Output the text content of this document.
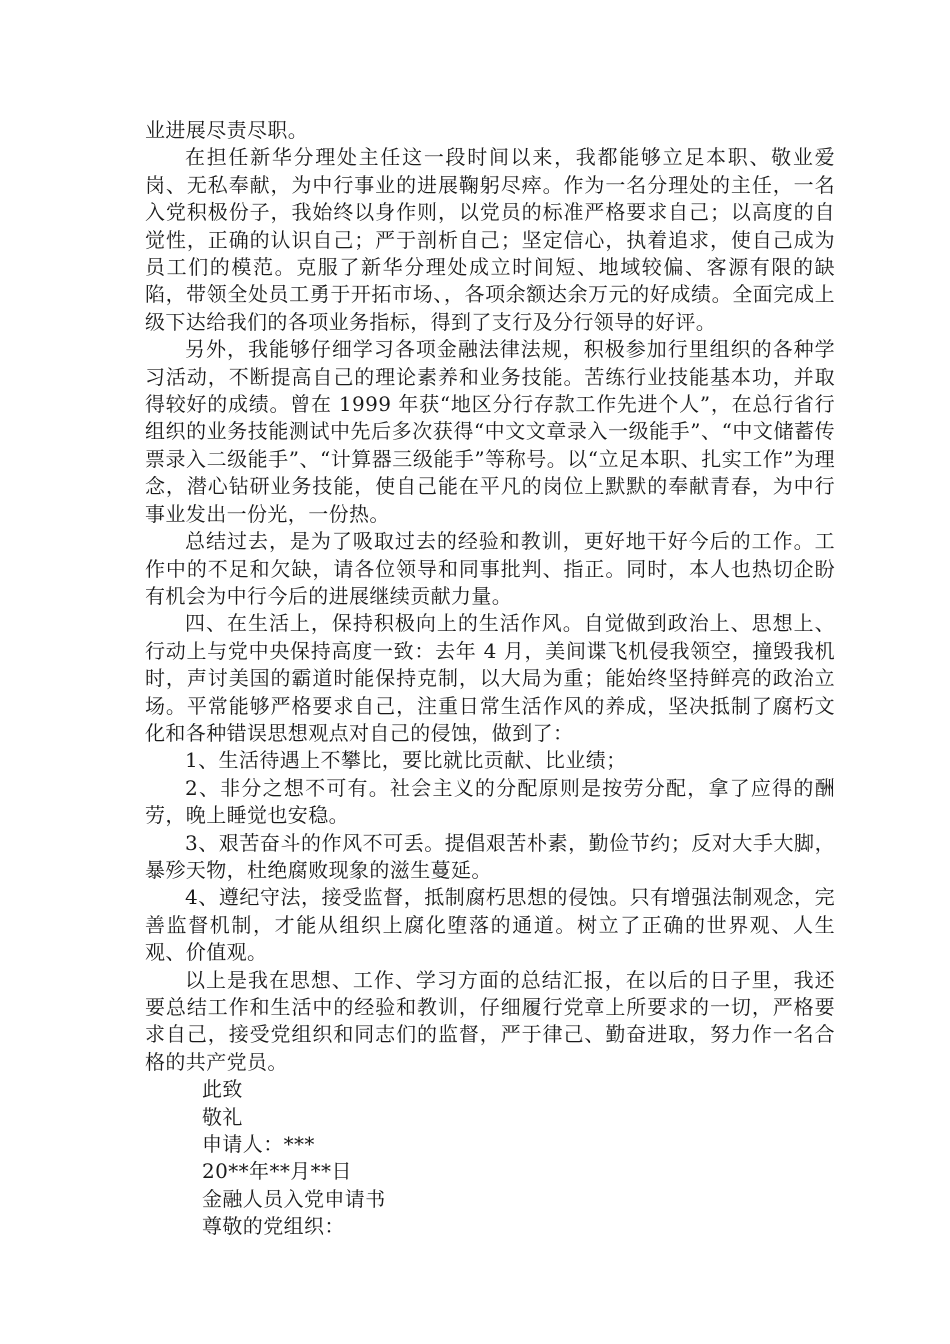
业进展尽责尽职。

在担任新华分理处主任这一段时间以来，我都能够立足本职、敬业爱岗、无私奉献，为中行事业的进展鞠躬尽瘁。作为一名分理处的主任，一名入党积极份子，我始终以身作则，以党员的标准严格要求自己；以高度的自觉性，正确的认识自己；严于剖析自己；坚定信心，执着追求，使自己成为员工们的模范。克服了新华分理处成立时间短、地域较偏、客源有限的缺陷，带领全处员工勇于开拓市场、，各项余额达余万元的好成绩。全面完成上级下达给我们的各项业务指标，得到了支行及分行领导的好评。

另外，我能够仔细学习各项金融法律法规，积极参加行里组织的各种学习活动，不断提高自己的理论素养和业务技能。苦练行业技能基本功，并取得较好的成绩。曾在 1999 年获“地区分行存款工作先进个人”，在总行省行组织的业务技能测试中先后多次获得“中文文章录入一级能手”、“中文储蓄传票录入二级能手”、“计算器三级能手”等称号。以“立足本职、扎实工作”为理念，潜心钻研业务技能，使自己能在平凡的岗位上默默的奉献青春，为中行事业发出一份光，一份热。

总结过去，是为了吸取过去的经验和教训，更好地干好今后的工作。工作中的不足和欠缺，请各位领导和同事批判、指正。同时，本人也热切企盼有机会为中行今后的进展继续贡献力量。

四、在生活上，保持积极向上的生活作风。自觉做到政治上、思想上、行动上与党中央保持高度一致：去年 4 月，美间谍飞机侵我领空，撞毁我机时，声讨美国的霸道时能保持克制，以大局为重；能始终坚持鲜亮的政治立场。平常能够严格要求自己，注重日常生活作风的养成，坚决抵制了腐朽文化和各种错误思想观点对自己的侵蚀，做到了：

1、生活待遇上不攀比，要比就比贡献、比业绩；

2、非分之想不可有。社会主义的分配原则是按劳分配，拿了应得的酬劳，晚上睡觉也安稳。

3、艰苦奋斗的作风不可丢。提倡艰苦朴素，勤俭节约；反对大手大脚，暴殄天物，杜绝腐败现象的滋生蔓延。

4、遵纪守法，接受监督，抵制腐朽思想的侵蚀。只有增强法制观念，完善监督机制，才能从组织上腐化堕落的通道。树立了正确的世界观、人生观、价值观。

以上是我在思想、工作、学习方面的总结汇报，在以后的日子里，我还要总结工作和生活中的经验和教训，仔细履行党章上所要求的一切，严格要求自己，接受党组织和同志们的监督，严于律己、勤奋进取，努力作一名合格的共产党员。

此致

敬礼

申请人：***

20**年**月**日

金融人员入党申请书

尊敬的党组织：
